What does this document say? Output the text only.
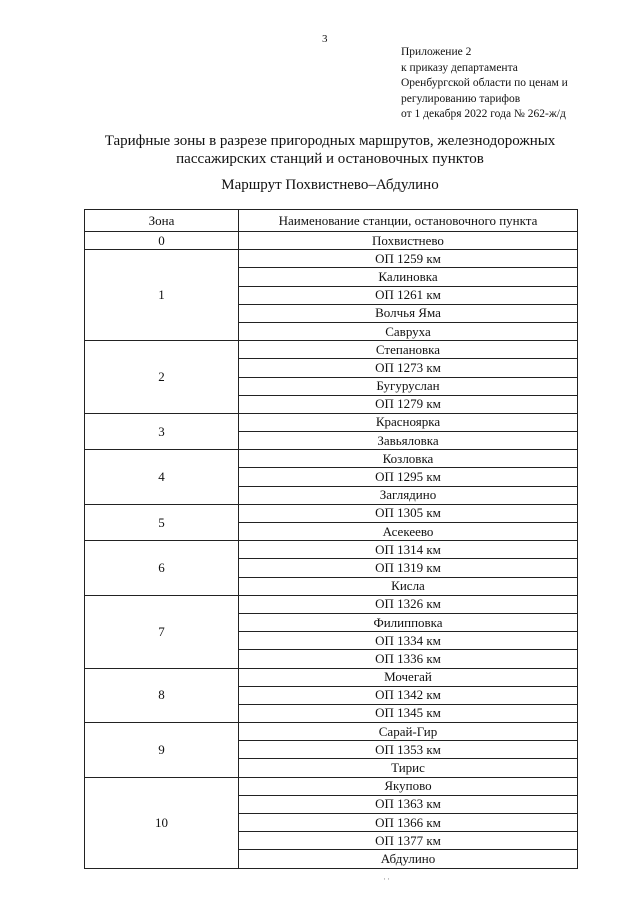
3
Приложение 2
к приказу департамента
Оренбургской области по ценам и
регулированию тарифов
от 1 декабря 2022 года № 262-ж/д
Тарифные зоны в разрезе пригородных маршрутов, железнодорожных
пассажирских станций и остановочных пунктов
Маршрут Похвистнево–Абдулино
Зона	Наименование станции, остановочного пункта
0	Похвистнево
1	ОП 1259 км
	Калиновка
	ОП 1261 км
	Волчья Яма
	Савруха
2	Степановка
	ОП 1273 км
	Бугуруслан
	ОП 1279 км
3	Красноярка
	Завьяловка
4	Козловка
	ОП 1295 км
	Заглядино
5	ОП 1305 км
	Асекеево
6	ОП 1314 км
	ОП 1319 км
	Кисла
7	ОП 1326 км
	Филипповка
	ОП 1334 км
	ОП 1336 км
8	Мочегай
	ОП 1342 км
	ОП 1345 км
9	Сарай-Гир
	ОП 1353 км
	Тирис
10	Якупово
	ОП 1363 км
	ОП 1366 км
	ОП 1377 км
	Абдулино
··
